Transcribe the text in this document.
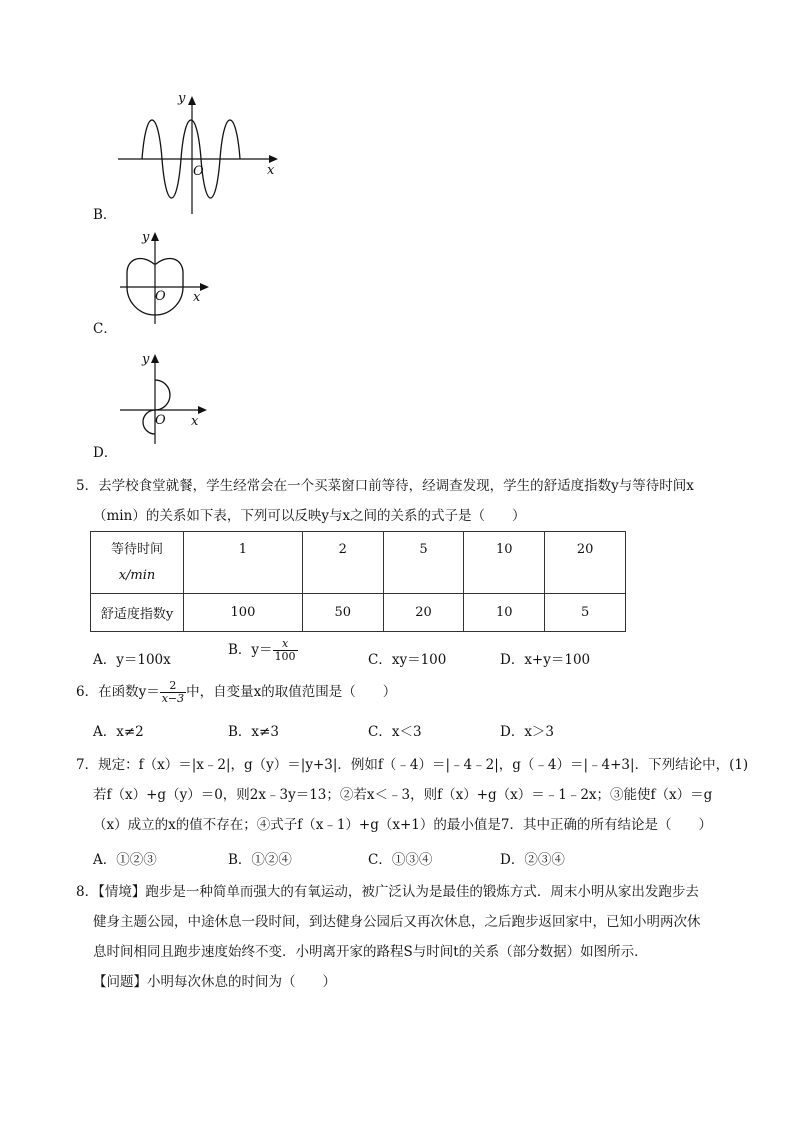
y
O	x
B．
y
O x
C．
y
O x
D．
5．去学校食堂就餐，学生经常会在一个买菜窗口前等待，经调查发现，学生的舒适度指数y与等待时间x
（min）的关系如下表，下列可以反映y与x之间的关系的式子是（　　）
等待时间
x/min	1	2	5	10	20
舒适度指数y	100	50	20	10	5
A．y＝100x
B．$y= \frac{x}{100}$	C．xy＝100	D．x+y＝100
6．在函数$y= \frac{2}{x-3}$ 中，自变量x的取值范围是（　　）
A．x≠2	B．x≠3	C．x＜3	D．x＞3
7．规定：f（x）＝|x﹣2|，g（y）＝|y+3|．例如f（﹣4）＝|﹣4﹣2|，g（﹣4）＝|﹣4+3|．下列结论中，(1)
若f（x）+g（y）＝0，则2x﹣3y＝13；②若x＜﹣3，则f（x）+g（x）＝﹣1﹣2x；③能使f（x）＝g
（x）成立的x的值不存在；④式子f（x﹣1）+g（x+1）的最小值是7．其中正确的所有结论是（　　）
A．①②③	B．①②④	C．①③④	D．②③④
8．【情境】跑步是一种简单而强大的有氧运动，被广泛认为是最佳的锻炼方式．周末小明从家出发跑步去
健身主题公园，中途休息一段时间，到达健身公园后又再次休息，之后跑步返回家中，已知小明两次休
息时间相同且跑步速度始终不变．小明离开家的路程S与时间t的关系（部分数据）如图所示．
【问题】小明每次休息的时间为（　　）
